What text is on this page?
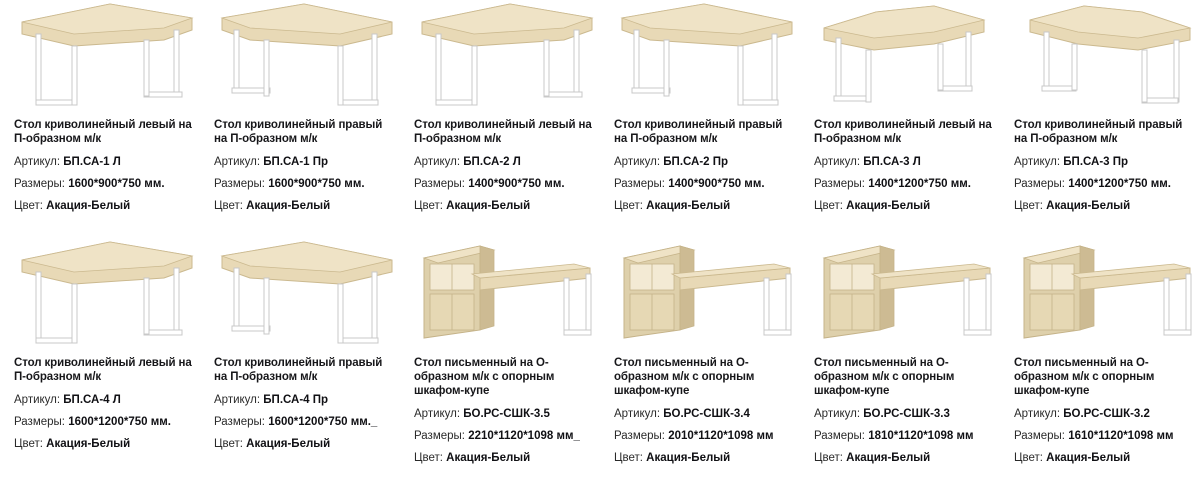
Стол криволинейный левый на П-образном м/к
Артикул: БП.СА-1 Л
Размеры: 1600*900*750 мм.
Цвет: Акация-Белый
Стол криволинейный правый на П-образном м/к
Артикул: БП.СА-1 Пр
Размеры: 1600*900*750 мм.
Цвет: Акация-Белый
Стол криволинейный левый на П-образном м/к
Артикул: БП.СА-2 Л
Размеры: 1400*900*750 мм.
Цвет: Акация-Белый
Стол криволинейный правый на П-образном м/к
Артикул: БП.СА-2 Пр
Размеры: 1400*900*750 мм.
Цвет: Акация-Белый
Стол криволинейный левый на П-образном м/к
Артикул: БП.СА-3 Л
Размеры: 1400*1200*750 мм.
Цвет: Акация-Белый
Стол криволинейный правый на П-образном м/к
Артикул: БП.СА-3 Пр
Размеры: 1400*1200*750 мм.
Цвет: Акация-Белый
Стол криволинейный левый на П-образном м/к
Артикул: БП.СА-4 Л
Размеры: 1600*1200*750 мм.
Цвет: Акация-Белый
Стол криволинейный правый на П-образном м/к
Артикул: БП.СА-4 Пр
Размеры: 1600*1200*750 мм._
Цвет: Акация-Белый
Стол письменный на О-образном м/к с опорным шкафом-купе
Артикул: БО.РС-СШК-3.5
Размеры: 2210*1120*1098 мм_
Цвет: Акация-Белый
Стол письменный на О-образном м/к с опорным шкафом-купе
Артикул: БО.РС-СШК-3.4
Размеры: 2010*1120*1098 мм
Цвет: Акация-Белый
Стол письменный на О-образном м/к с опорным шкафом-купе
Артикул: БО.РС-СШК-3.3
Размеры: 1810*1120*1098 мм
Цвет: Акация-Белый
Стол письменный на О-образном м/к с опорным шкафом-купе
Артикул: БО.РС-СШК-3.2
Размеры: 1610*1120*1098 мм
Цвет: Акация-Белый
